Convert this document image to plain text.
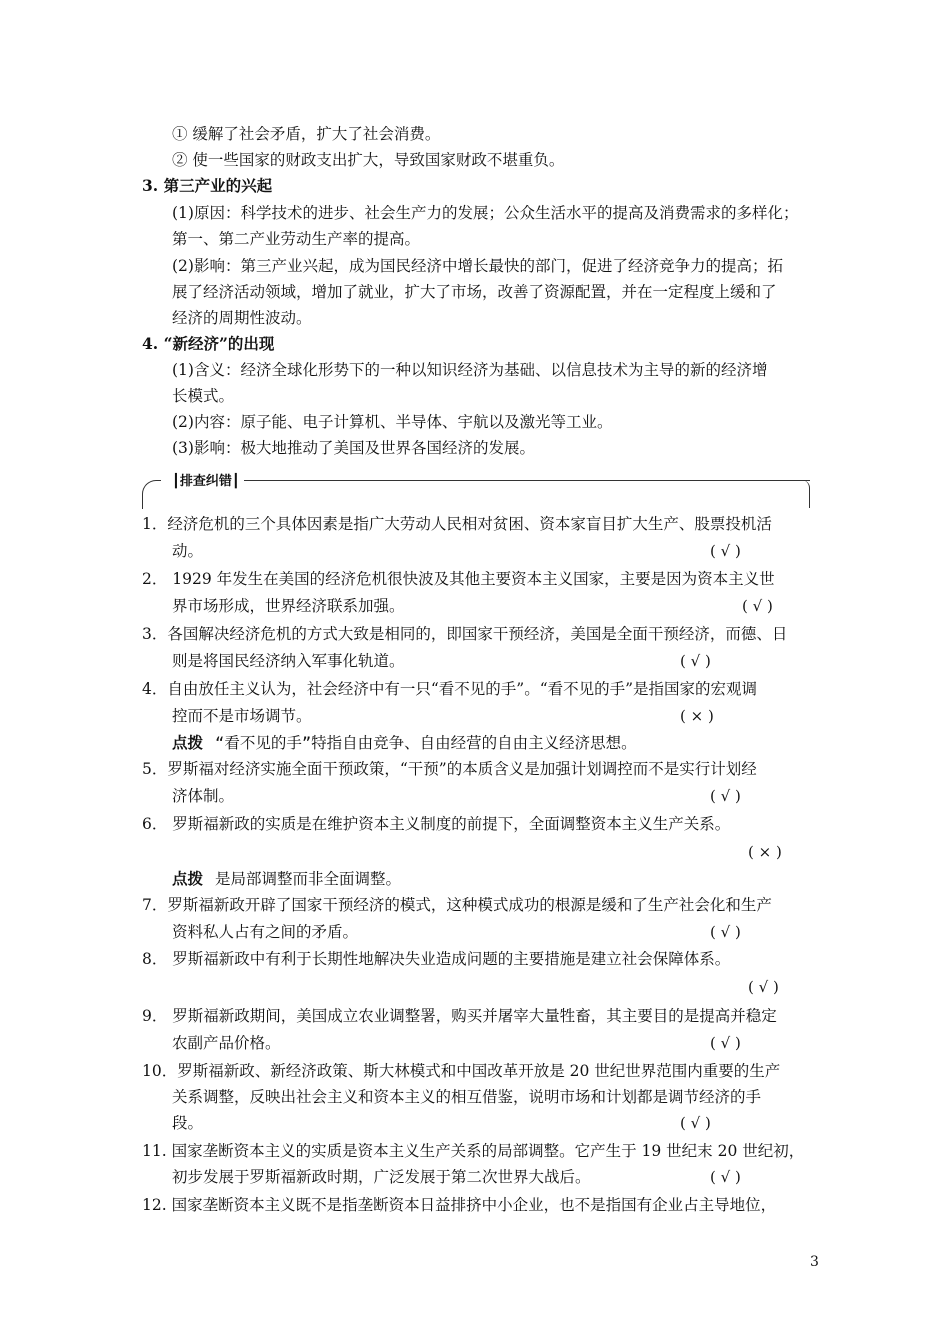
① 缓解了社会矛盾，扩大了社会消费。
② 使一些国家的财政支出扩大，导致国家财政不堪重负。
3. 第三产业的兴起
(1)原因：科学技术的进步、社会生产力的发展；公众生活水平的提高及消费需求的多样化；
第一、第二产业劳动生产率的提高。
(2)影响：第三产业兴起，成为国民经济中增长最快的部门，促进了经济竞争力的提高；拓
展了经济活动领域，增加了就业，扩大了市场，改善了资源配置，并在一定程度上缓和了
经济的周期性波动。
4. “新经济”的出现
(1)含义：经济全球化形势下的一种以知识经济为基础、以信息技术为主导的新的经济增
长模式。
(2)内容：原子能、电子计算机、半导体、宇航以及激光等工业。
(3)影响：极大地推动了美国及世界各国经济的发展。
┃排查纠错┃
1．经济危机的三个具体因素是指广大劳动人民相对贫困、资本家盲目扩大生产、股票投机活
动。	( √ )
2． 1929 年发生在美国的经济危机很快波及其他主要资本主义国家，主要是因为资本主义世
界市场形成，世界经济联系加强。	( √ )
3．各国解决经济危机的方式大致是相同的，即国家干预经济，美国是全面干预经济，而德、日
则是将国民经济纳入军事化轨道。	( √ )
4．自由放任主义认为，社会经济中有一只“看不见的手”。“看不见的手”是指国家的宏观调
控而不是市场调节。	( × )
点拨 “看不见的手”特指自由竞争、自由经营的自由主义经济思想。
5．罗斯福对经济实施全面干预政策，“干预”的本质含义是加强计划调控而不是实行计划经
济体制。	( √ )
6． 罗斯福新政的实质是在维护资本主义制度的前提下，全面调整资本主义生产关系。
( × )
点拨 是局部调整而非全面调整。
7．罗斯福新政开辟了国家干预经济的模式，这种模式成功的根源是缓和了生产社会化和生产
资料私人占有之间的矛盾。	( √ )
8． 罗斯福新政中有利于长期性地解决失业造成问题的主要措施是建立社会保障体系。
( √ )
9． 罗斯福新政期间，美国成立农业调整署，购买并屠宰大量牲畜，其主要目的是提高并稳定
农副产品价格。	( √ )
10．罗斯福新政、新经济政策、斯大林模式和中国改革开放是 20 世纪世界范围内重要的生产
关系调整，反映出社会主义和资本主义的相互借鉴，说明市场和计划都是调节经济的手
段。	( √ )
11. 国家垄断资本主义的实质是资本主义生产关系的局部调整。它产生于 19 世纪末 20 世纪初，
初步发展于罗斯福新政时期，广泛发展于第二次世界大战后。	( √ )
12. 国家垄断资本主义既不是指垄断资本日益排挤中小企业，也不是指国有企业占主导地位，
3
